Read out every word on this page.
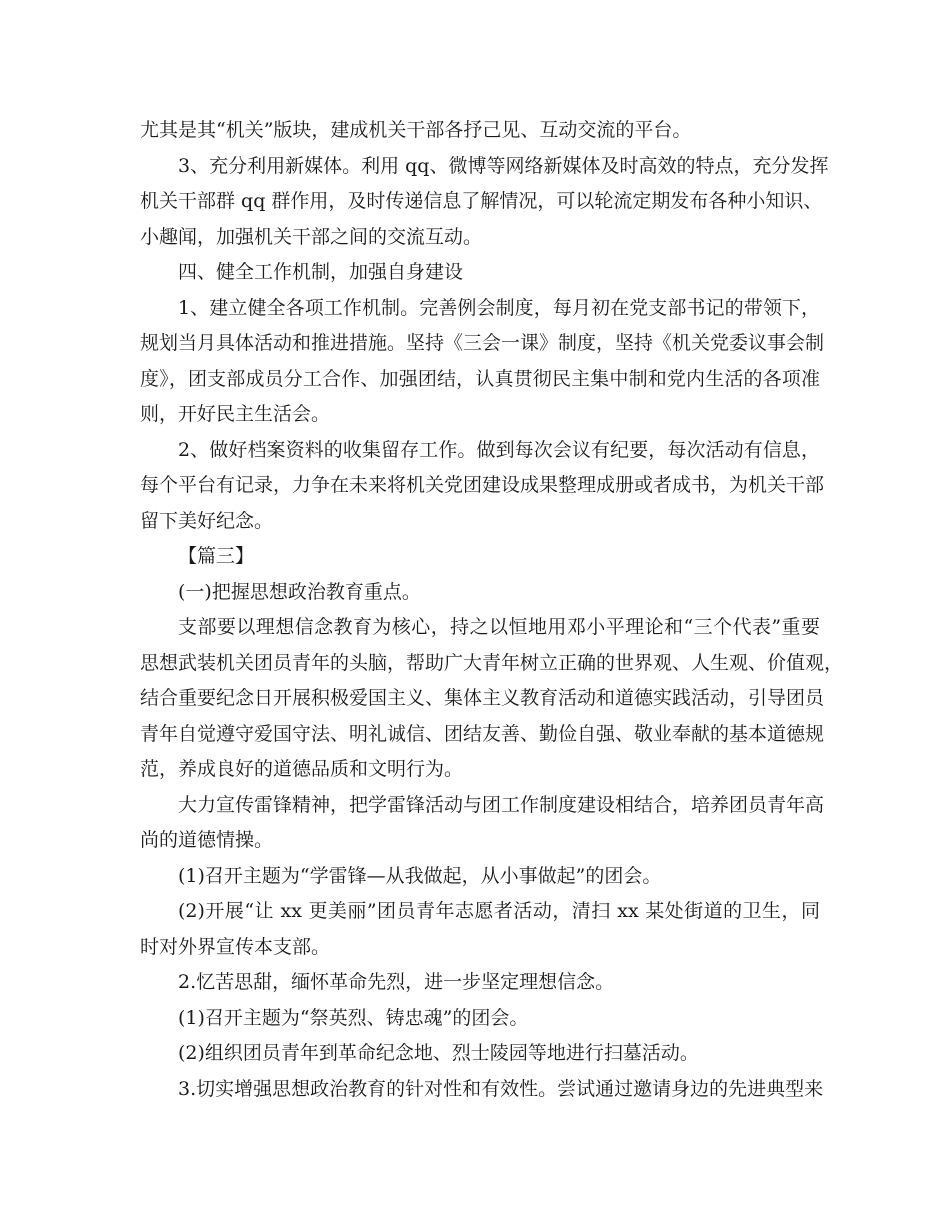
尤其是其“机关”版块，建成机关干部各抒己见、互动交流的平台。
3、充分利用新媒体。利用 qq、微博等网络新媒体及时高效的特点，充分发挥
机关干部群 qq 群作用，及时传递信息了解情况，可以轮流定期发布各种小知识、
小趣闻，加强机关干部之间的交流互动。
四、健全工作机制，加强自身建设
1、建立健全各项工作机制。完善例会制度，每月初在党支部书记的带领下，
规划当月具体活动和推进措施。坚持《三会一课》制度，坚持《机关党委议事会制
度》，团支部成员分工合作、加强团结，认真贯彻民主集中制和党内生活的各项准
则，开好民主生活会。
2、做好档案资料的收集留存工作。做到每次会议有纪要，每次活动有信息，
每个平台有记录，力争在未来将机关党团建设成果整理成册或者成书，为机关干部
留下美好纪念。
【篇三】
(一)把握思想政治教育重点。
支部要以理想信念教育为核心，持之以恒地用邓小平理论和“三个代表”重要
思想武装机关团员青年的头脑，帮助广大青年树立正确的世界观、人生观、价值观，
结合重要纪念日开展积极爱国主义、集体主义教育活动和道德实践活动，引导团员
青年自觉遵守爱国守法、明礼诚信、团结友善、勤俭自强、敬业奉献的基本道德规
范，养成良好的道德品质和文明行为。
大力宣传雷锋精神，把学雷锋活动与团工作制度建设相结合，培养团员青年高
尚的道德情操。
(1)召开主题为“学雷锋—从我做起，从小事做起”的团会。
(2)开展“让 xx 更美丽”团员青年志愿者活动，清扫 xx 某处街道的卫生，同
时对外界宣传本支部。
2.忆苦思甜，缅怀革命先烈，进一步坚定理想信念。
(1)召开主题为“祭英烈、铸忠魂”的团会。
(2)组织团员青年到革命纪念地、烈士陵园等地进行扫墓活动。
3.切实增强思想政治教育的针对性和有效性。尝试通过邀请身边的先进典型来
